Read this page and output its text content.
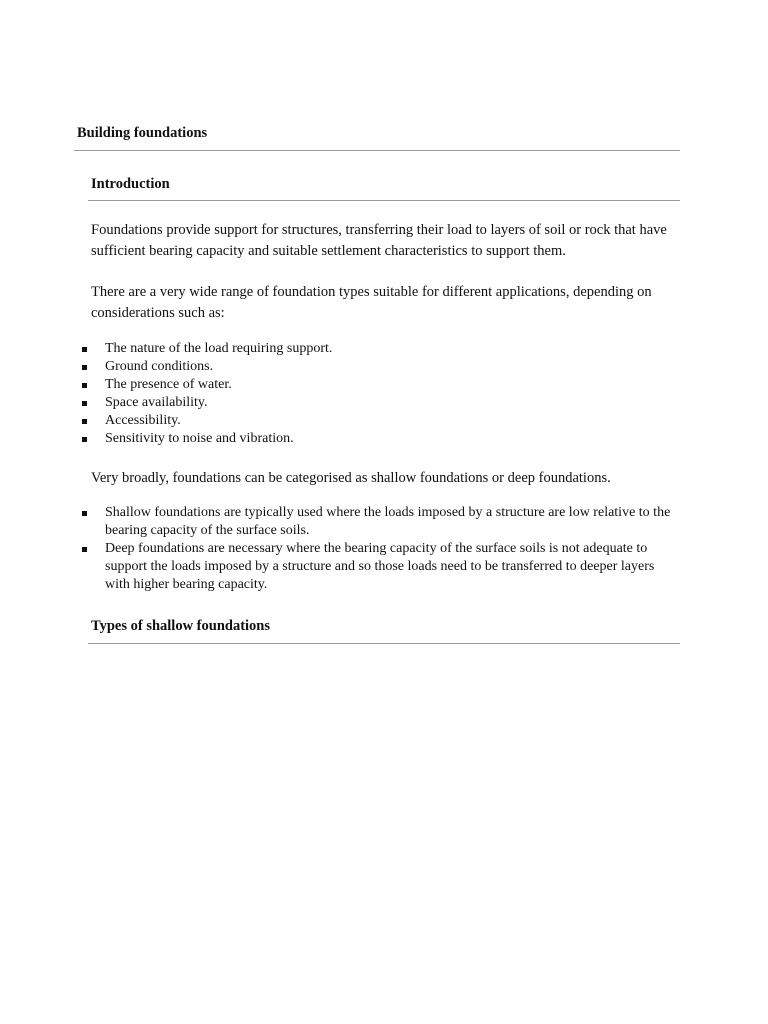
Building foundations
Introduction

Foundations provide support for structures, transferring their load to layers of soil or rock that have sufficient bearing capacity and suitable settlement characteristics to support them.

There are a very wide range of foundation types suitable for different applications, depending on considerations such as:

The nature of the load requiring support.
Ground conditions.
The presence of water.
Space availability.
Accessibility.
Sensitivity to noise and vibration.

Very broadly, foundations can be categorised as shallow foundations or deep foundations.

Shallow foundations are typically used where the loads imposed by a structure are low relative to the bearing capacity of the surface soils.
Deep foundations are necessary where the bearing capacity of the surface soils is not adequate to support the loads imposed by a structure and so those loads need to be transferred to deeper layers with higher bearing capacity.
Types of shallow foundations
